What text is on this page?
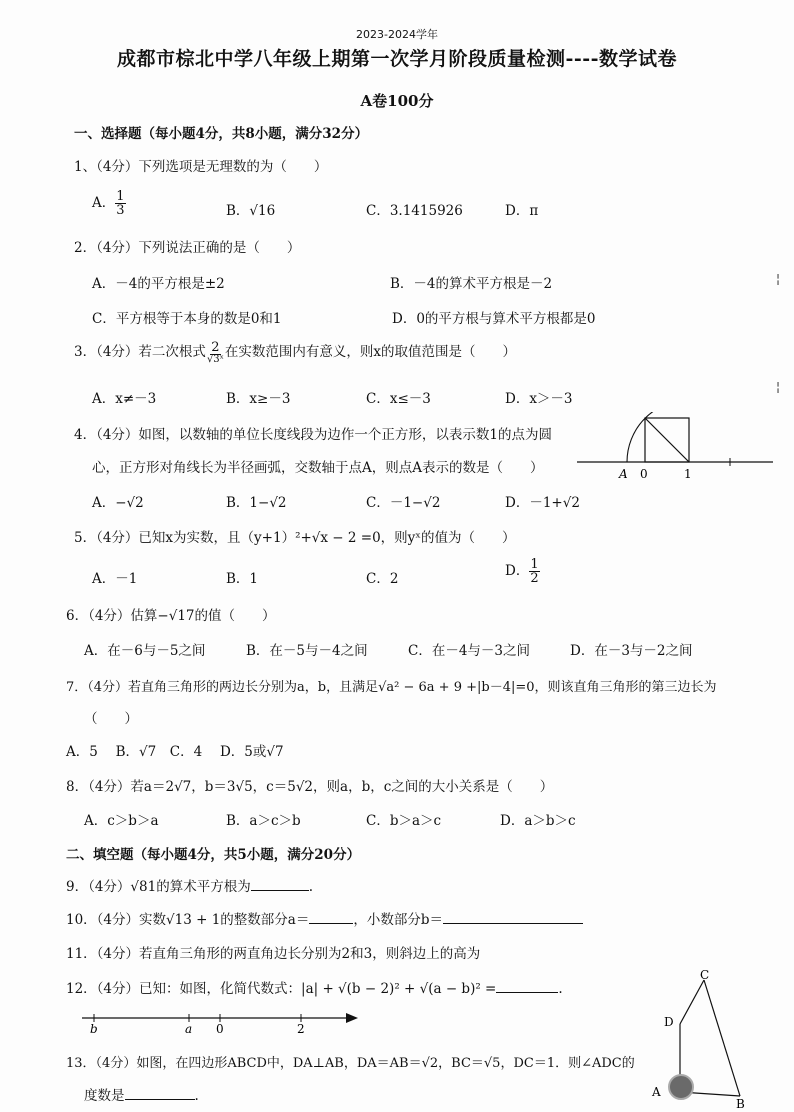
2023-2024学年
成都市棕北中学八年级上期第一次学月阶段质量检测----数学试卷
A卷100分
一、选择题（每小题4分，共8小题，满分32分）
1、（4分）下列选项是无理数的为（　　）
A． $\frac{1}{3}$	B．√16	C．3.1415926	D．π
2．（4分）下列说法正确的是（　　）
A．－4的平方根是±2	B．－4的算术平方根是－2
C．平方根等于本身的数是0和1	D．0的平方根与算术平方根都是0
3．（4分）若二次根式 $\frac{2}{\text{√3ˣ}}$ 在实数范围内有意义，则x的取值范围是（　　）
A．x≠－3	B．x≥－3	C．x≤－3	D．x＞－3
4．（4分）如图，以数轴的单位长度线段为边作一个正方形，以表示数1的点为圆
心，正方形对角线长为半径画弧，交数轴于点A，则点A表示的数是（　　）
A．−√2	B．1−√2	C．－1−√2	D．－1+√2
A 0	1
5．（4分）已知x为实数，且（y+1）²+√x − 2 =0，则yˣ的值为（　　）
A．－1	B．1	C．2	D． $\frac{1}{2}$
6．（4分）估算−√17的值（　　）
A．在－6与－5之间	B．在－5与－4之间	C．在－4与－3之间	D．在－3与－2之间
7．（4分）若直角三角形的两边长分别为a，b，且满足√a² − 6a + 9 +|b－4|=0，则该直角三角形的第三边长为
（　　）
A．5　 B．√7　C．4　 D．5或√7
8．（4分）若a＝2√7，b＝3√5，c＝5√2，则a，b，c之间的大小关系是（　　）
A．c＞b＞a	B．a＞c＞b	C．b＞a＞c	D．a＞b＞c
二、填空题（每小题4分，共5小题，满分20分）
9．（4分）√81的算术平方根为	.
10．（4分）实数√13 + 1的整数部分a＝	，小数部分b＝
11．（4分）若直角三角形的两直角边长分别为2和3，则斜边上的高为
12．（4分）已知：如图，化简代数式：|a| + √(b − 2)² + √(a − b)² =	.
b	a 0	2
13．（4分）如图，在四边形ABCD中，DA⊥AB，DA＝AB＝√2，BC＝√5，DC＝1．则∠ADC的
度数是	.
C
D
A
B
¦
¦
